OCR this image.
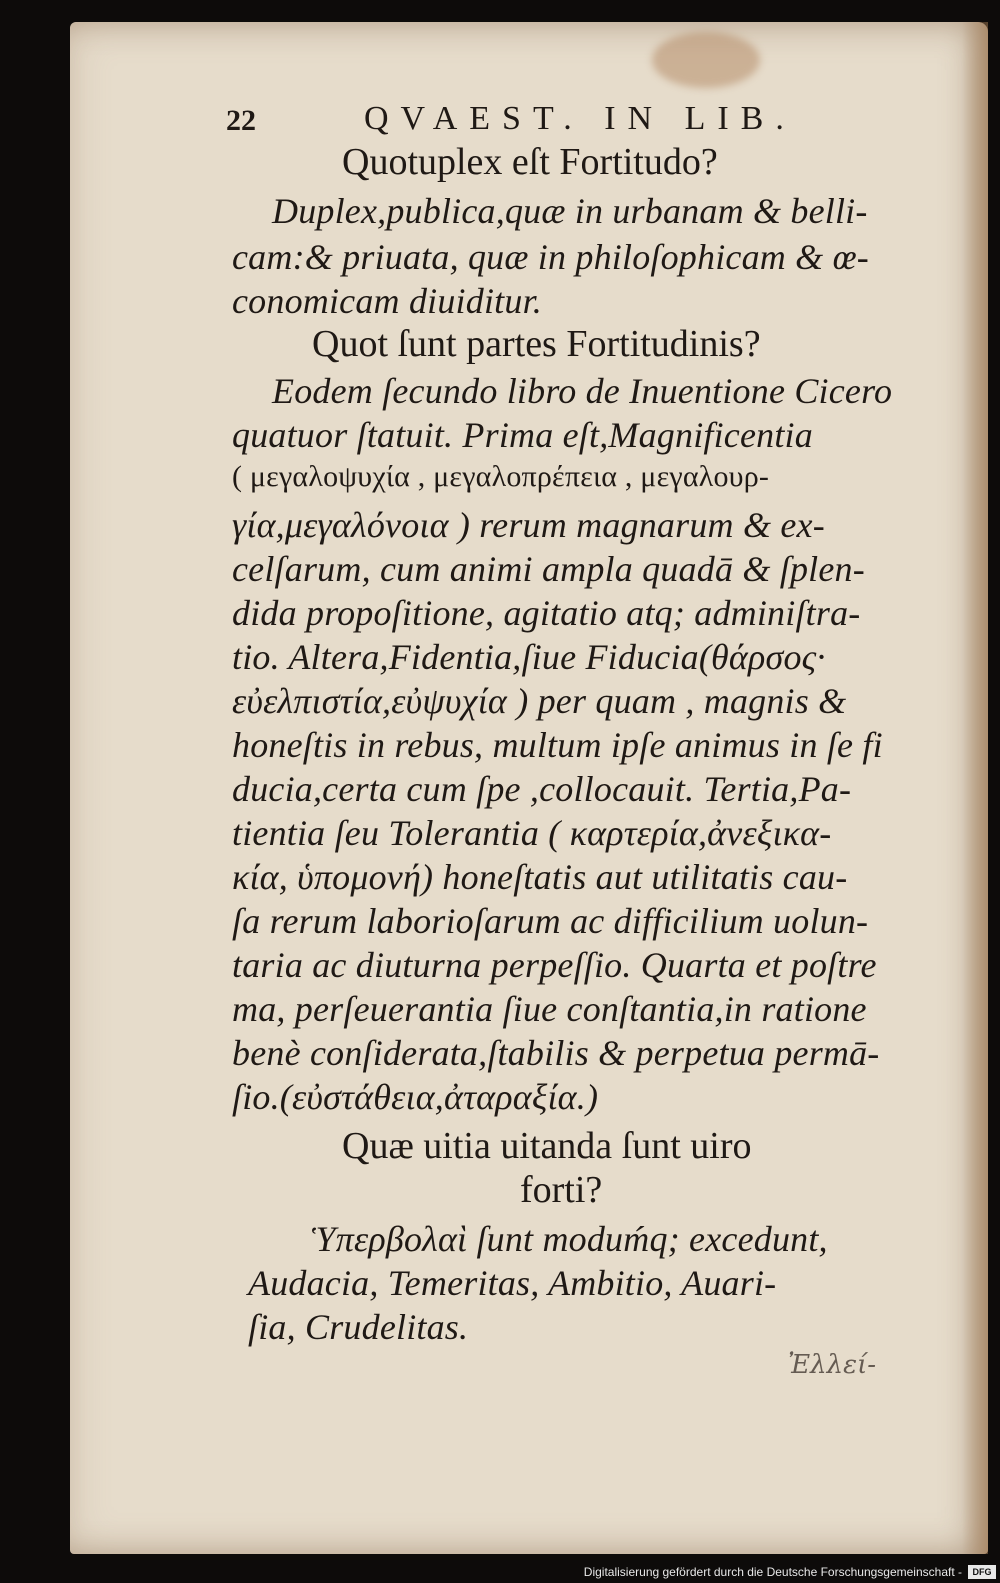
22	QVAEST. IN LIB.

Quotuplex eſt Fortitudo?

Duplex,publica,quæ in urbanam & belli-

cam:& priuata, quæ in philoſophicam & œ-

conomicam diuiditur.

Quot ſunt partes Fortitudinis?

Eodem ſecundo libro de Inuentione Cicero

quatuor ſtatuit. Prima eſt,Magnificentia

( μεγαλοψυχία , μεγαλοπρέπεια , μεγαλουρ-

γία,μεγαλόνοια ) rerum magnarum & ex-

celſarum, cum animi ampla quadā & ſplen-

dida propoſitione, agitatio atq; adminiſtra-

tio. Altera,Fidentia,ſiue Fiducia(θάρσος·

εὐελπιστία,εὐψυχία ) per quam , magnis &

honeſtis in rebus, multum ipſe animus in ſe fi

ducia,certa cum ſpe ,collocauit. Tertia,Pa-

tientia ſeu Tolerantia ( καρτερία,ἀνεξικα-

κία, ὑπομονή) honeſtatis aut utilitatis cau-

ſa rerum laborioſarum ac difficilium uolun-

taria ac diuturna perpeſſio. Quarta et poſtre

ma, perſeuerantia ſiue conſtantia,in ratione

benè conſiderata,ſtabilis & perpetua permā-

ſio.(εὐστάθεια,ἀταραξία.)

Quæ uitia uitanda ſunt uiro

forti?

Ὑπερβολαὶ ſunt moduḿq; excedunt,

Audacia, Temeritas, Ambitio, Auari-

ſia, Crudelitas.

Ἐλλεί-
Digitalisierung gefördert durch die Deutsche Forschungsgemeinschaft -	DFG
